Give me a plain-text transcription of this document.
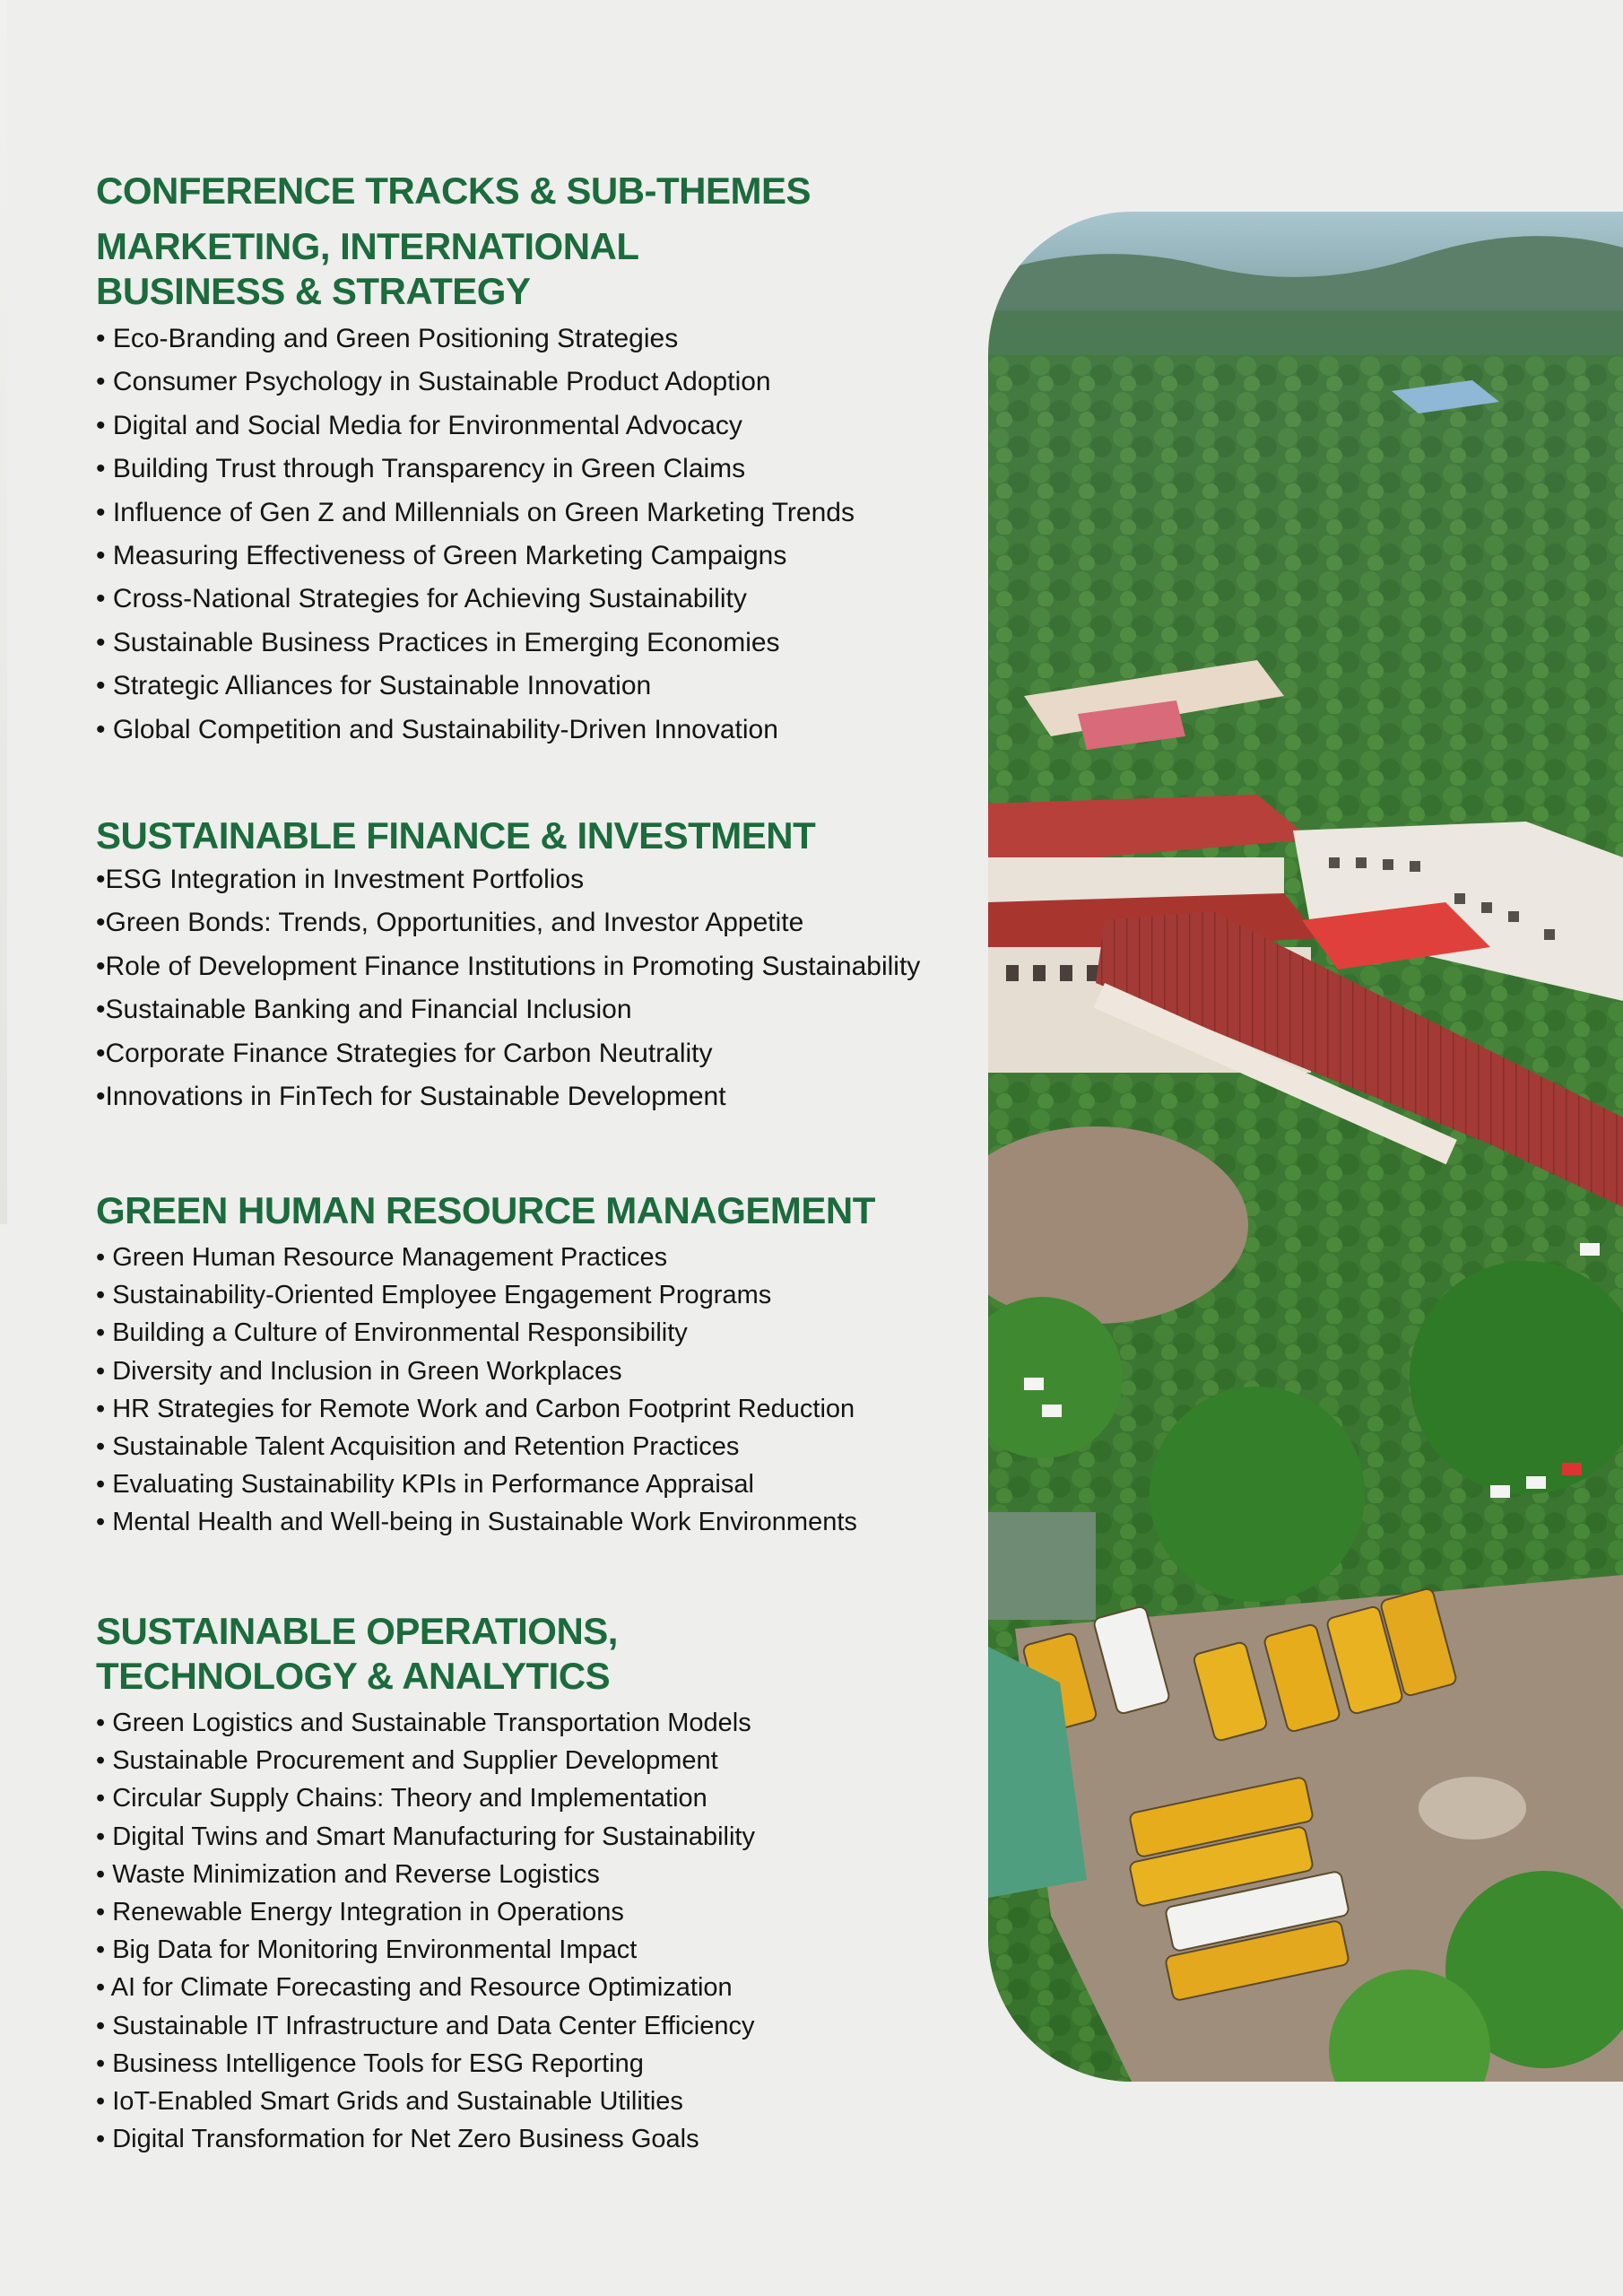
CONFERENCE TRACKS & SUB-THEMES
MARKETING, INTERNATIONAL
BUSINESS & STRATEGY
• Eco-Branding and Green Positioning Strategies
• Consumer Psychology in Sustainable Product Adoption
• Digital and Social Media for Environmental Advocacy
• Building Trust through Transparency in Green Claims
• Influence of Gen Z and Millennials on Green Marketing Trends
• Measuring Effectiveness of Green Marketing Campaigns
• Cross-National Strategies for Achieving Sustainability
• Sustainable Business Practices in Emerging Economies
• Strategic Alliances for Sustainable Innovation
• Global Competition and Sustainability-Driven Innovation
SUSTAINABLE FINANCE & INVESTMENT
•ESG Integration in Investment Portfolios
•Green Bonds: Trends, Opportunities, and Investor Appetite
•Role of Development Finance Institutions in Promoting Sustainability
•Sustainable Banking and Financial Inclusion
•Corporate Finance Strategies for Carbon Neutrality
•Innovations in FinTech for Sustainable Development
GREEN HUMAN RESOURCE MANAGEMENT
• Green Human Resource Management Practices
• Sustainability-Oriented Employee Engagement Programs
• Building a Culture of Environmental Responsibility
• Diversity and Inclusion in Green Workplaces
• HR Strategies for Remote Work and Carbon Footprint Reduction
• Sustainable Talent Acquisition and Retention Practices
• Evaluating Sustainability KPIs in Performance Appraisal
• Mental Health and Well-being in Sustainable Work Environments
SUSTAINABLE OPERATIONS,
TECHNOLOGY & ANALYTICS
• Green Logistics and Sustainable Transportation Models
• Sustainable Procurement and Supplier Development
• Circular Supply Chains: Theory and Implementation
• Digital Twins and Smart Manufacturing for Sustainability
• Waste Minimization and Reverse Logistics
• Renewable Energy Integration in Operations
• Big Data for Monitoring Environmental Impact
• AI for Climate Forecasting and Resource Optimization
• Sustainable IT Infrastructure and Data Center Efficiency
• Business Intelligence Tools for ESG Reporting
• IoT-Enabled Smart Grids and Sustainable Utilities
• Digital Transformation for Net Zero Business Goals
